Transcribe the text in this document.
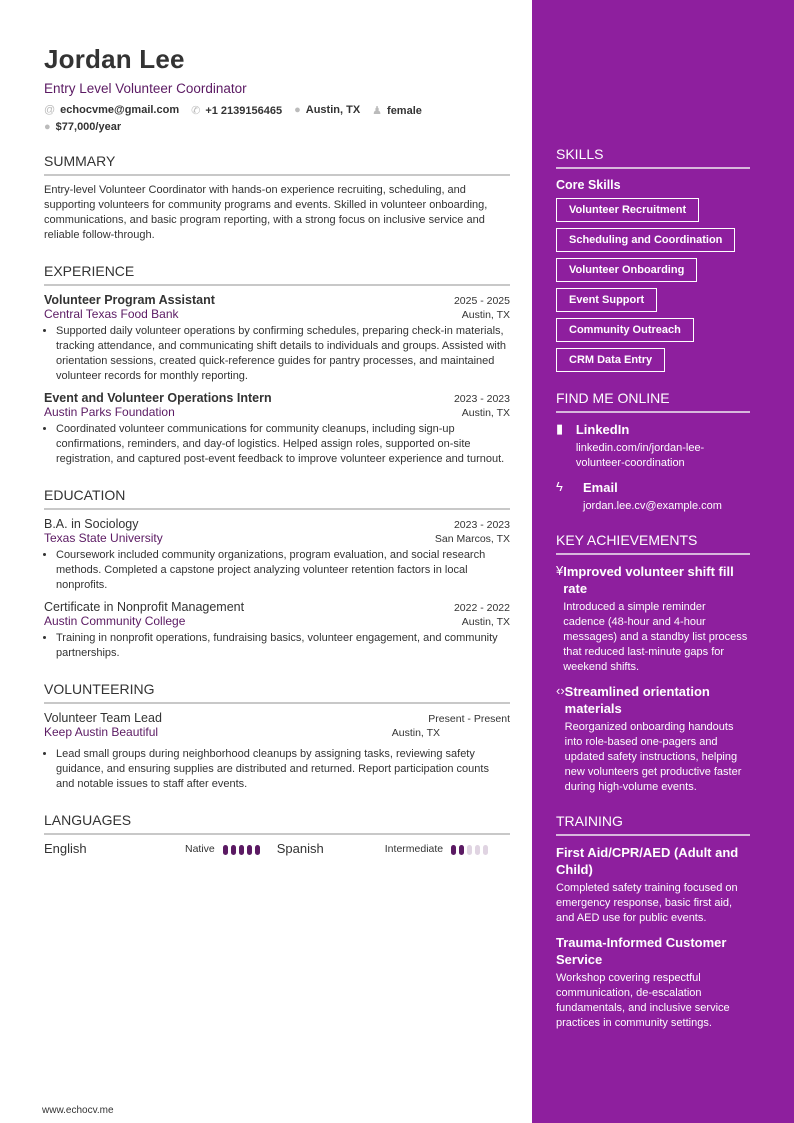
Jordan Lee
Entry Level Volunteer Coordinator
@ echocvme@gmail.com ✆ +1 2139156465 ● Austin, TX ♟ female
● $77,000/year
SUMMARY
Entry-level Volunteer Coordinator with hands-on experience recruiting, scheduling, and supporting volunteers for community programs and events. Skilled in volunteer onboarding, communications, and basic program reporting, with a strong focus on inclusive service and reliable follow-through.
EXPERIENCE
Volunteer Program Assistant	2025 - 2025
Central Texas Food Bank	Austin, TX
• Supported daily volunteer operations by confirming schedules, preparing check-in materials, tracking attendance, and communicating shift details to individuals and groups. Assisted with orientation sessions, created quick-reference guides for pantry processes, and maintained volunteer records for monthly reporting.
Event and Volunteer Operations Intern	2023 - 2023
Austin Parks Foundation	Austin, TX
• Coordinated volunteer communications for community cleanups, including sign-up confirmations, reminders, and day-of logistics. Helped assign roles, supported on-site registration, and captured post-event feedback to improve volunteer experience and turnout.
EDUCATION
B.A. in Sociology	2023 - 2023
Texas State University	San Marcos, TX
• Coursework included community organizations, program evaluation, and social research methods. Completed a capstone project analyzing volunteer retention factors in local nonprofits.
Certificate in Nonprofit Management	2022 - 2022
Austin Community College	Austin, TX
• Training in nonprofit operations, fundraising basics, volunteer engagement, and community partnerships.
VOLUNTEERING
Volunteer Team Lead	Present - Present
Keep Austin Beautiful	Austin, TX
• Lead small groups during neighborhood cleanups by assigning tasks, reviewing safety guidance, and ensuring supplies are distributed and returned. Report participation counts and notable issues to staff after events.
LANGUAGES
English	Native	Spanish	Intermediate
www.echocv.me
SKILLS
Core Skills
Volunteer Recruitment
Scheduling and Coordination
Volunteer Onboarding
Event Support
Community Outreach
CRM Data Entry
FIND ME ONLINE
▮ LinkedIn
linkedin.com/in/jordan-lee-volunteer-coordination
ϟ	Email
jordan.lee.cv@example.com
KEY ACHIEVEMENTS
¥ Improved volunteer shift fill rate
Introduced a simple reminder cadence (48-hour and 4-hour messages) and a standby list process that reduced last-minute gaps for weekend shifts.
‹› Streamlined orientation materials
Reorganized onboarding handouts into role-based one-pagers and updated safety instructions, helping new volunteers get productive faster during high-volume events.
TRAINING
First Aid/CPR/AED (Adult and Child)
Completed safety training focused on emergency response, basic first aid, and AED use for public events.
Trauma-Informed Customer Service
Workshop covering respectful communication, de-escalation fundamentals, and inclusive service practices in community settings.
